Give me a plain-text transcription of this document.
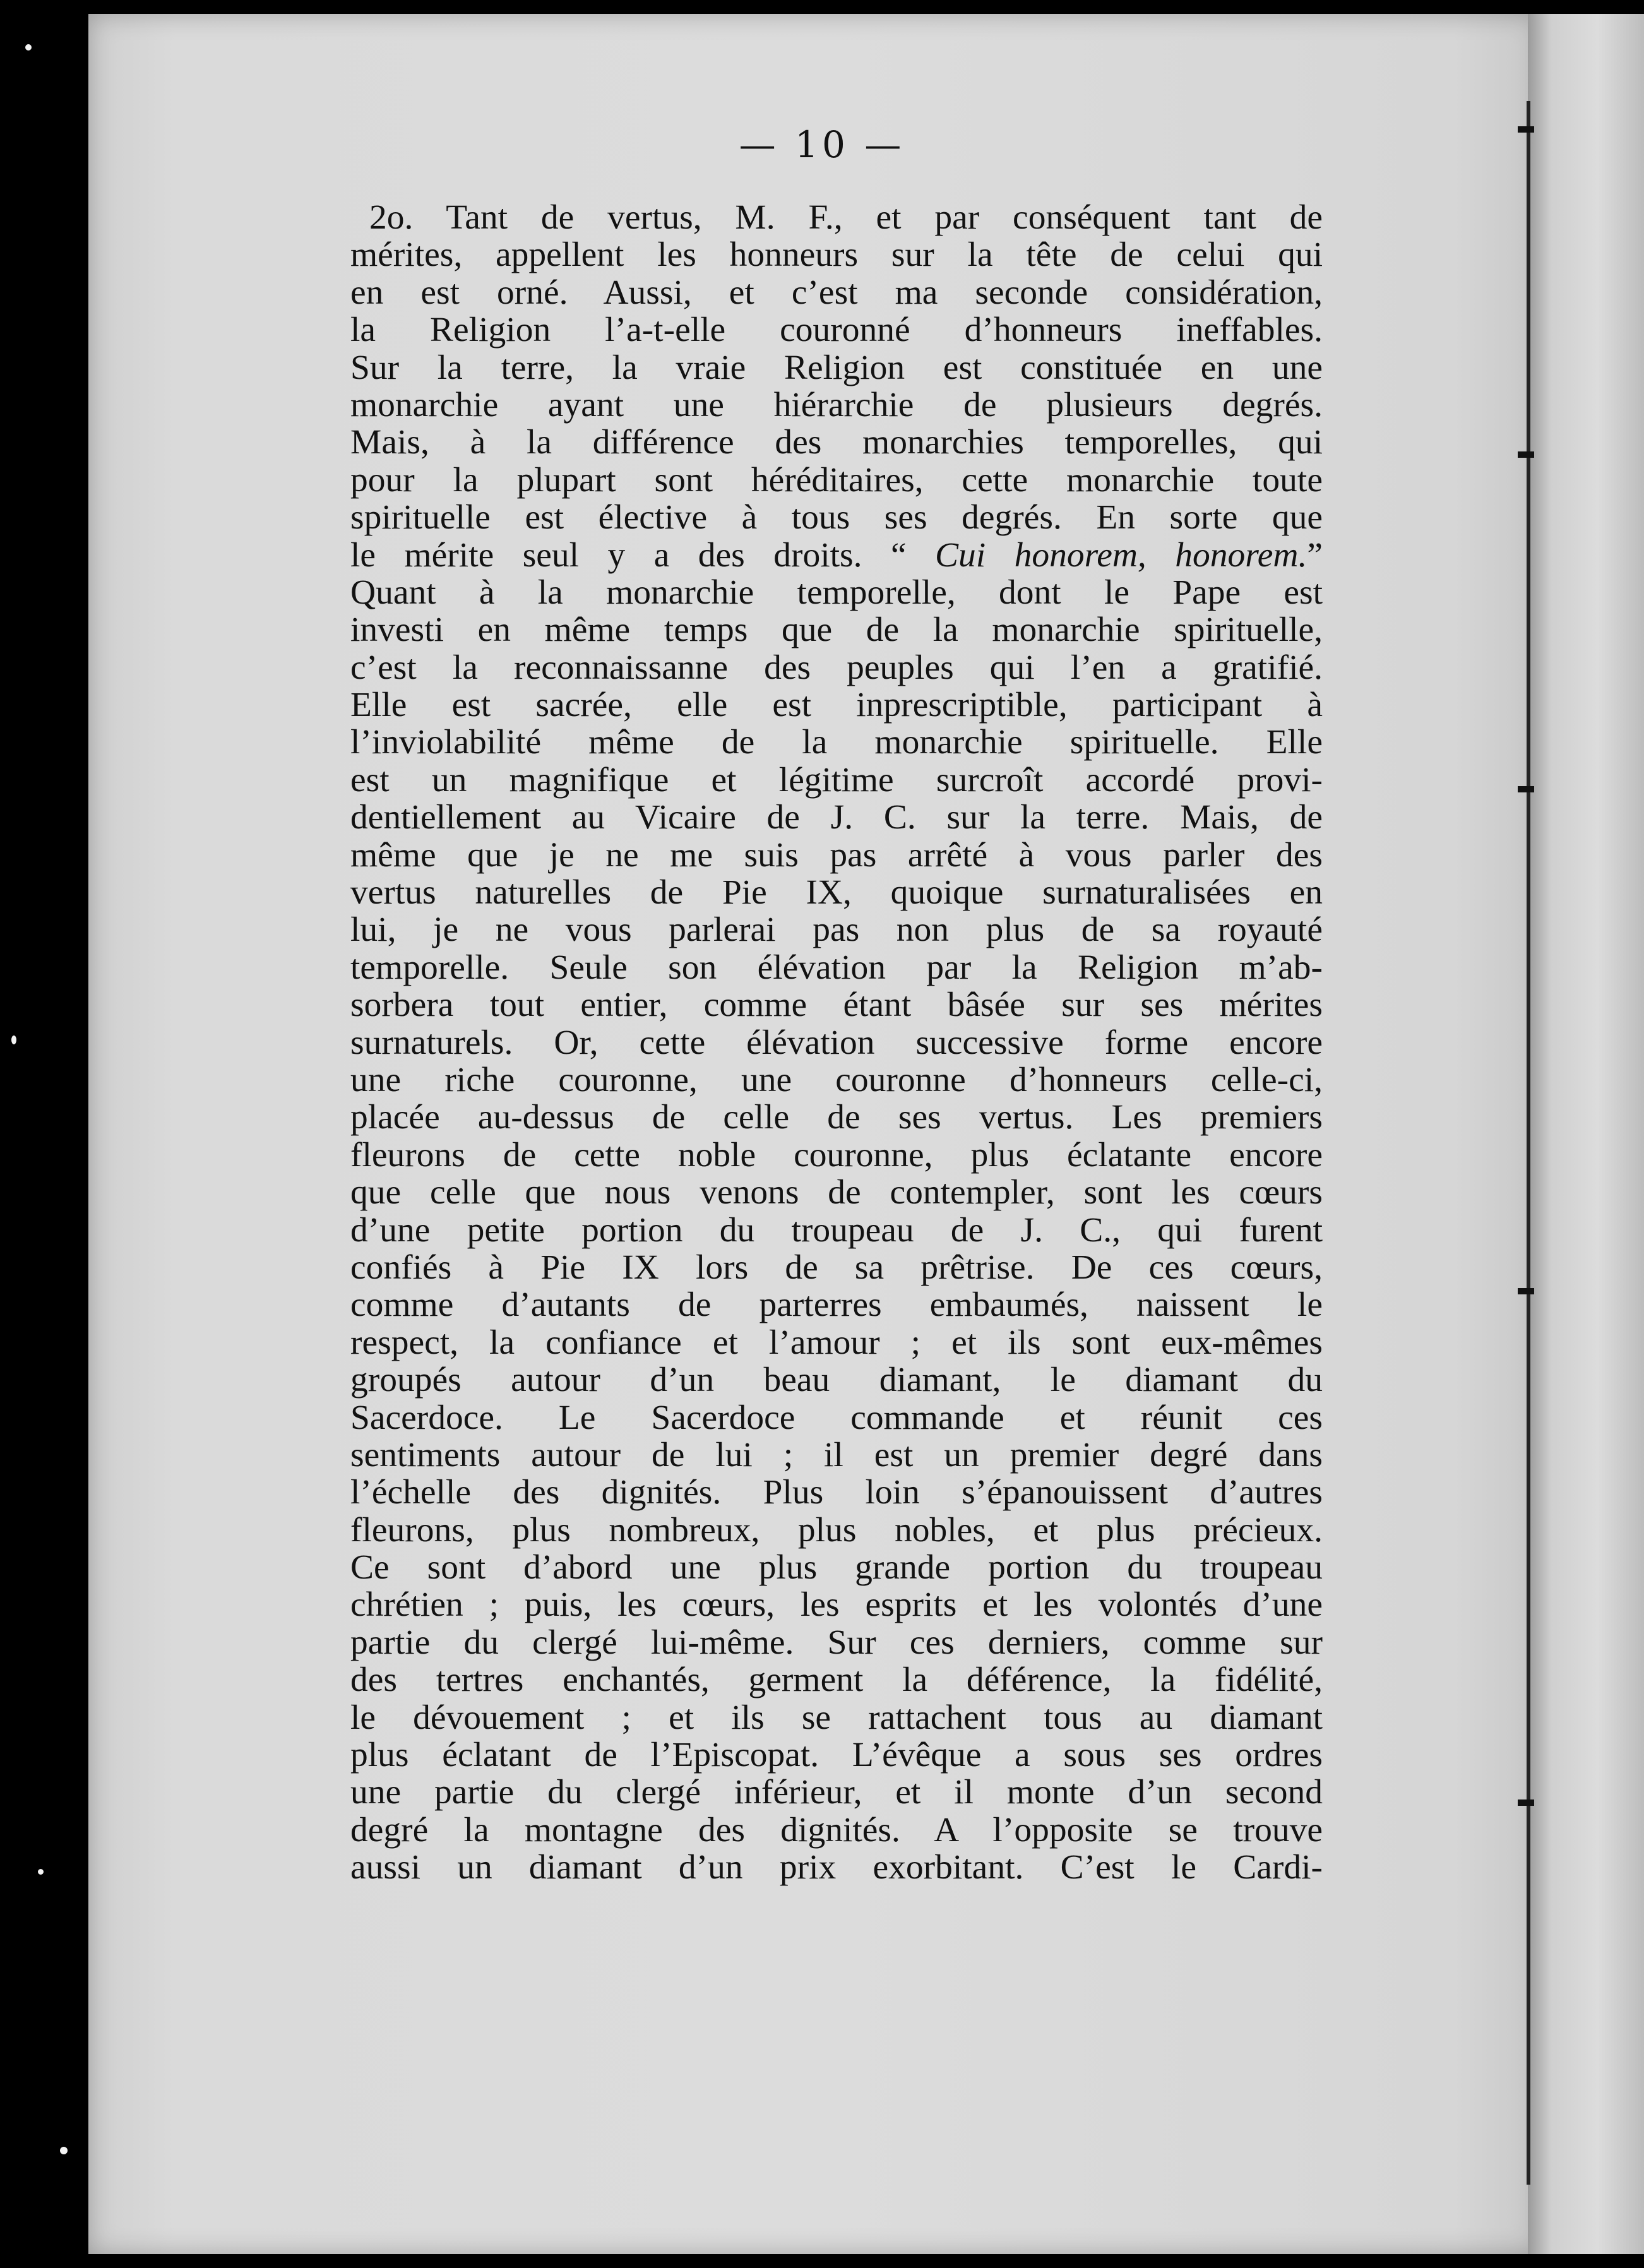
— 10 —
2o. Tant de vertus, M. F., et par conséquent tant de
mérites, appellent les honneurs sur la tête de celui qui
en est orné. Aussi, et c’est ma seconde considération,
la Religion l’a-t-elle couronné d’honneurs ineffables.
Sur la terre, la vraie Religion est constituée en une
monarchie ayant une hiérarchie de plusieurs degrés.
Mais, à la différence des monarchies temporelles, qui
pour la plupart sont héréditaires, cette monarchie toute
spirituelle est élective à tous ses degrés. En sorte que
le mérite seul y a des droits. “ Cui honorem, honorem.”
Quant à la monarchie temporelle, dont le Pape est
investi en même temps que de la monarchie spirituelle,
c’est la reconnaissanne des peuples qui l’en a gratifié.
Elle est sacrée, elle est inprescriptible, participant à
l’inviolabilité même de la monarchie spirituelle. Elle
est un magnifique et légitime surcroît accordé provi-
dentiellement au Vicaire de J. C. sur la terre. Mais, de
même que je ne me suis pas arrêté à vous parler des
vertus naturelles de Pie IX, quoique surnaturalisées en
lui, je ne vous parlerai pas non plus de sa royauté
temporelle. Seule son élévation par la Religion m’ab-
sorbera tout entier, comme étant bâsée sur ses mérites
surnaturels. Or, cette élévation successive forme encore
une riche couronne, une couronne d’honneurs celle-ci,
placée au-dessus de celle de ses vertus. Les premiers
fleurons de cette noble couronne, plus éclatante encore
que celle que nous venons de contempler, sont les cœurs
d’une petite portion du troupeau de J. C., qui furent
confiés à Pie IX lors de sa prêtrise. De ces cœurs,
comme d’autants de parterres embaumés, naissent le
respect, la confiance et l’amour ; et ils sont eux-mêmes
groupés autour d’un beau diamant, le diamant du
Sacerdoce. Le Sacerdoce commande et réunit ces
sentiments autour de lui ; il est un premier degré dans
l’échelle des dignités. Plus loin s’épanouissent d’autres
fleurons, plus nombreux, plus nobles, et plus précieux.
Ce sont d’abord une plus grande portion du troupeau
chrétien ; puis, les cœurs, les esprits et les volontés d’une
partie du clergé lui-même. Sur ces derniers, comme sur
des tertres enchantés, germent la déférence, la fidélité,
le dévouement ; et ils se rattachent tous au diamant
plus éclatant de l’Episcopat. L’évêque a sous ses ordres
une partie du clergé inférieur, et il monte d’un second
degré la montagne des dignités. A l’opposite se trouve
aussi un diamant d’un prix exorbitant. C’est le Cardi-
